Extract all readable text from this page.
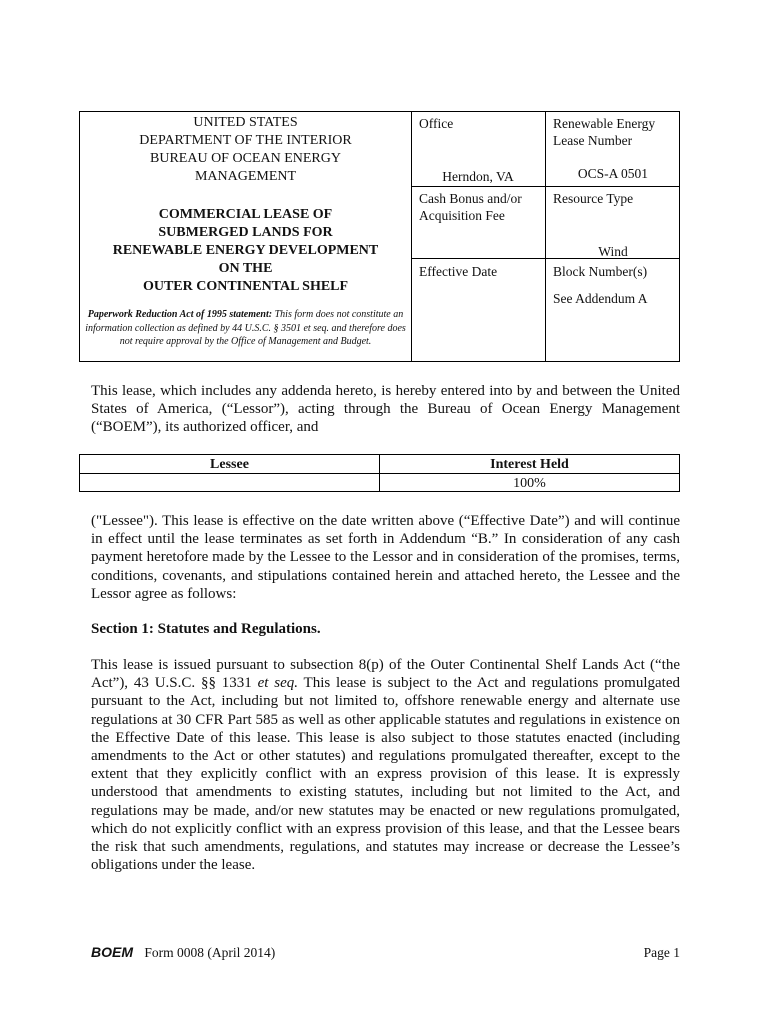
UNITED STATES
DEPARTMENT OF THE INTERIOR
BUREAU OF OCEAN ENERGY
MANAGEMENT
COMMERCIAL LEASE OF
SUBMERGED LANDS FOR
RENEWABLE ENERGY DEVELOPMENT
ON THE
OUTER CONTINENTAL SHELF
Paperwork Reduction Act of 1995 statement: This form does not constitute an information collection as defined by 44 U.S.C. § 3501 et seq. and therefore does not require approval by the Office of Management and Budget.
Office
Herndon, VA
Cash Bonus and/or
Acquisition Fee
Effective Date
Renewable Energy
Lease Number
OCS-A 0501
Resource Type
Wind
Block Number(s)
See Addendum A

This lease, which includes any addenda hereto, is hereby entered into by and between the United States of America, (“Lessor”), acting through the Bureau of Ocean Energy Management (“BOEM”), its authorized officer, and

Lessee	Interest Held
100%

("Lessee"). This lease is effective on the date written above (“Effective Date”) and will continue in effect until the lease terminates as set forth in Addendum “B.” In consideration of any cash payment heretofore made by the Lessee to the Lessor and in consideration of the promises, terms, conditions, covenants, and stipulations contained herein and attached hereto, the Lessee and the Lessor agree as follows:

Section 1: Statutes and Regulations.

This lease is issued pursuant to subsection 8(p) of the Outer Continental Shelf Lands Act (“the Act”), 43 U.S.C. §§ 1331 et seq. This lease is subject to the Act and regulations promulgated pursuant to the Act, including but not limited to, offshore renewable energy and alternate use regulations at 30 CFR Part 585 as well as other applicable statutes and regulations in existence on the Effective Date of this lease. This lease is also subject to those statutes enacted (including amendments to the Act or other statutes) and regulations promulgated thereafter, except to the extent that they explicitly conflict with an express provision of this lease. It is expressly understood that amendments to existing statutes, including but not limited to the Act, and regulations may be made, and/or new statutes may be enacted or new regulations promulgated, which do not explicitly conflict with an express provision of this lease, and that the Lessee bears the risk that such amendments, regulations, and statutes may increase or decrease the Lessee’s obligations under the lease.

BOEM Form 0008 (April 2014)	Page 1
